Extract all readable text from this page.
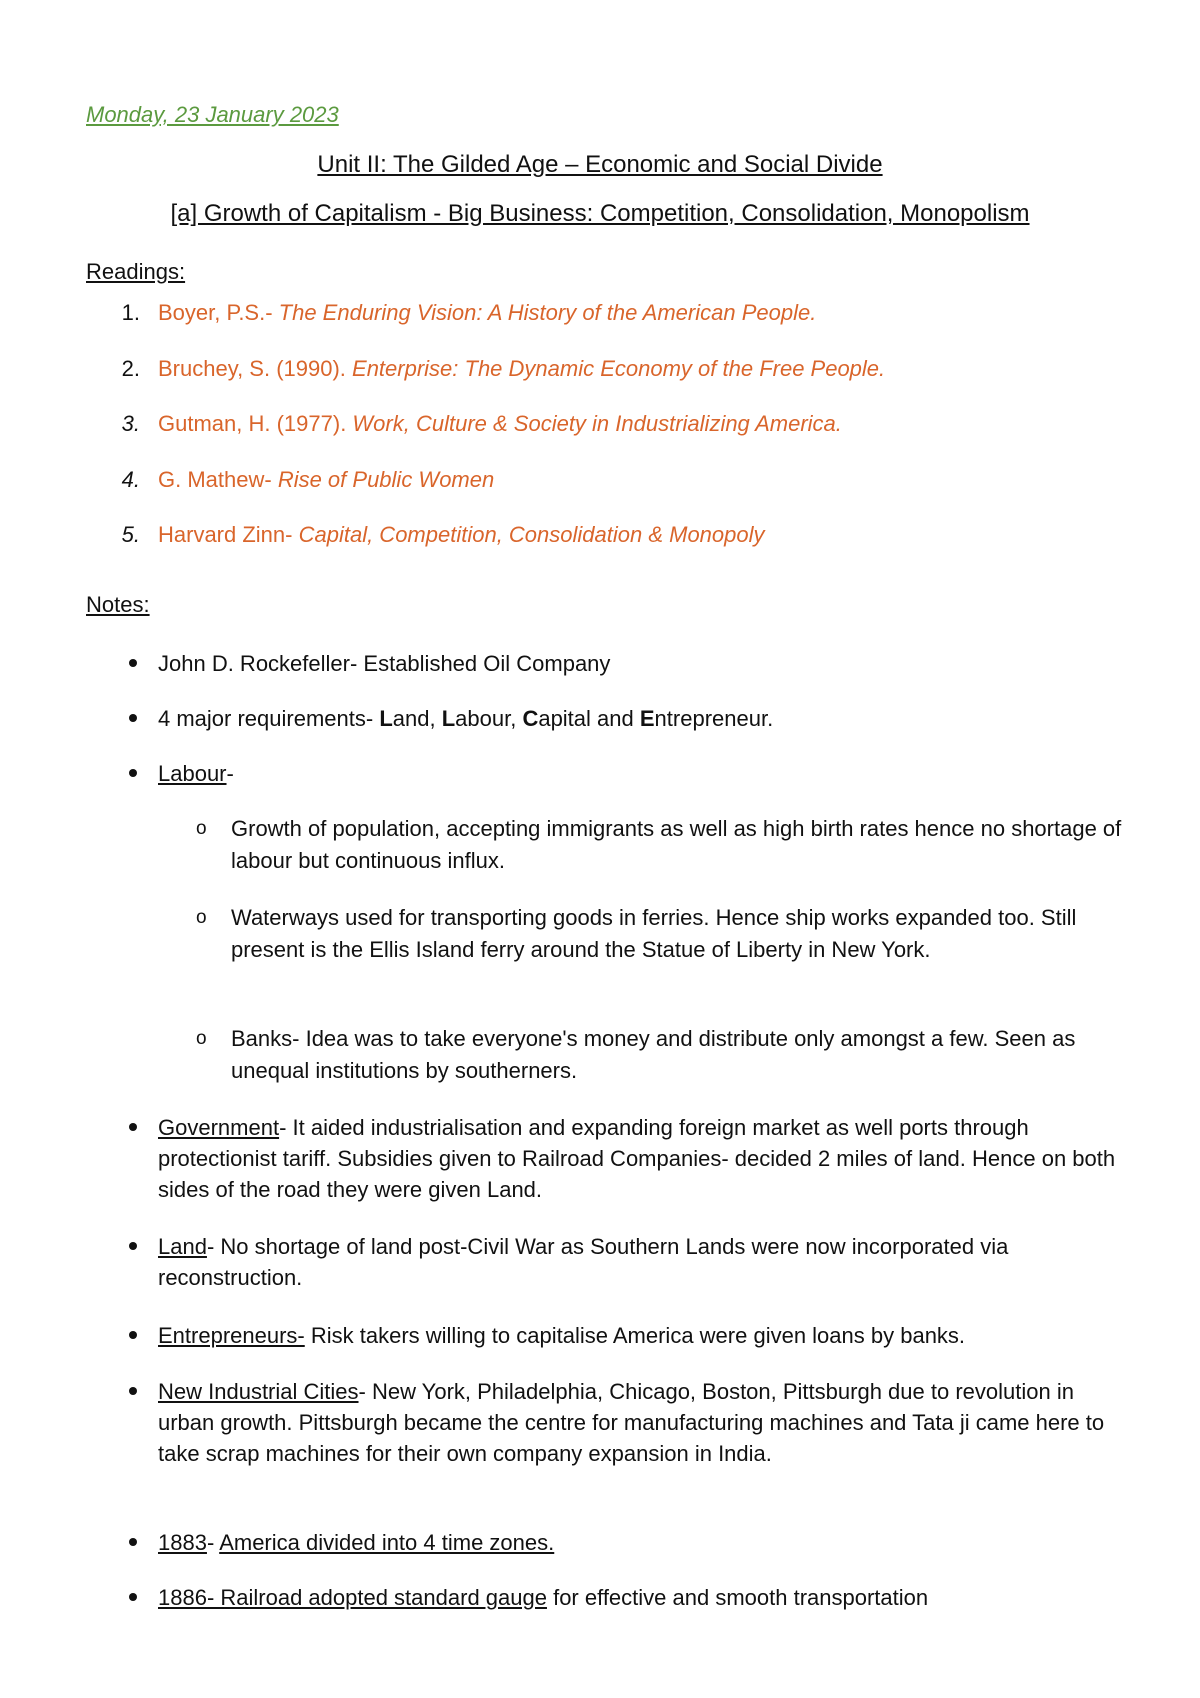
Monday, 23 January 2023
Unit II: The Gilded Age – Economic and Social Divide
[a] Growth of Capitalism - Big Business: Competition, Consolidation, Monopolism
Readings:
1. Boyer, P.S.- The Enduring Vision: A History of the American People.
2. Bruchey, S. (1990). Enterprise: The Dynamic Economy of the Free People.
3. Gutman, H. (1977). Work, Culture & Society in Industrializing America.
4. G. Mathew- Rise of Public Women
5. Harvard Zinn- Capital, Competition, Consolidation & Monopoly
Notes:
John D. Rockefeller- Established Oil Company
4 major requirements- Land, Labour, Capital and Entrepreneur.
Labour-
o Growth of population, accepting immigrants as well as high birth rates hence no shortage of labour but continuous influx.
o Waterways used for transporting goods in ferries. Hence ship works expanded too. Still present is the Ellis Island ferry around the Statue of Liberty in New York.
o Banks- Idea was to take everyone's money and distribute only amongst a few. Seen as unequal institutions by southerners.
Government- It aided industrialisation and expanding foreign market as well ports through protectionist tariff. Subsidies given to Railroad Companies- decided 2 miles of land. Hence on both sides of the road they were given Land.
Land- No shortage of land post-Civil War as Southern Lands were now incorporated via reconstruction.
Entrepreneurs- Risk takers willing to capitalise America were given loans by banks.
New Industrial Cities- New York, Philadelphia, Chicago, Boston, Pittsburgh due to revolution in urban growth. Pittsburgh became the centre for manufacturing machines and Tata ji came here to take scrap machines for their own company expansion in India.
1883- America divided into 4 time zones.
1886- Railroad adopted standard gauge for effective and smooth transportation
